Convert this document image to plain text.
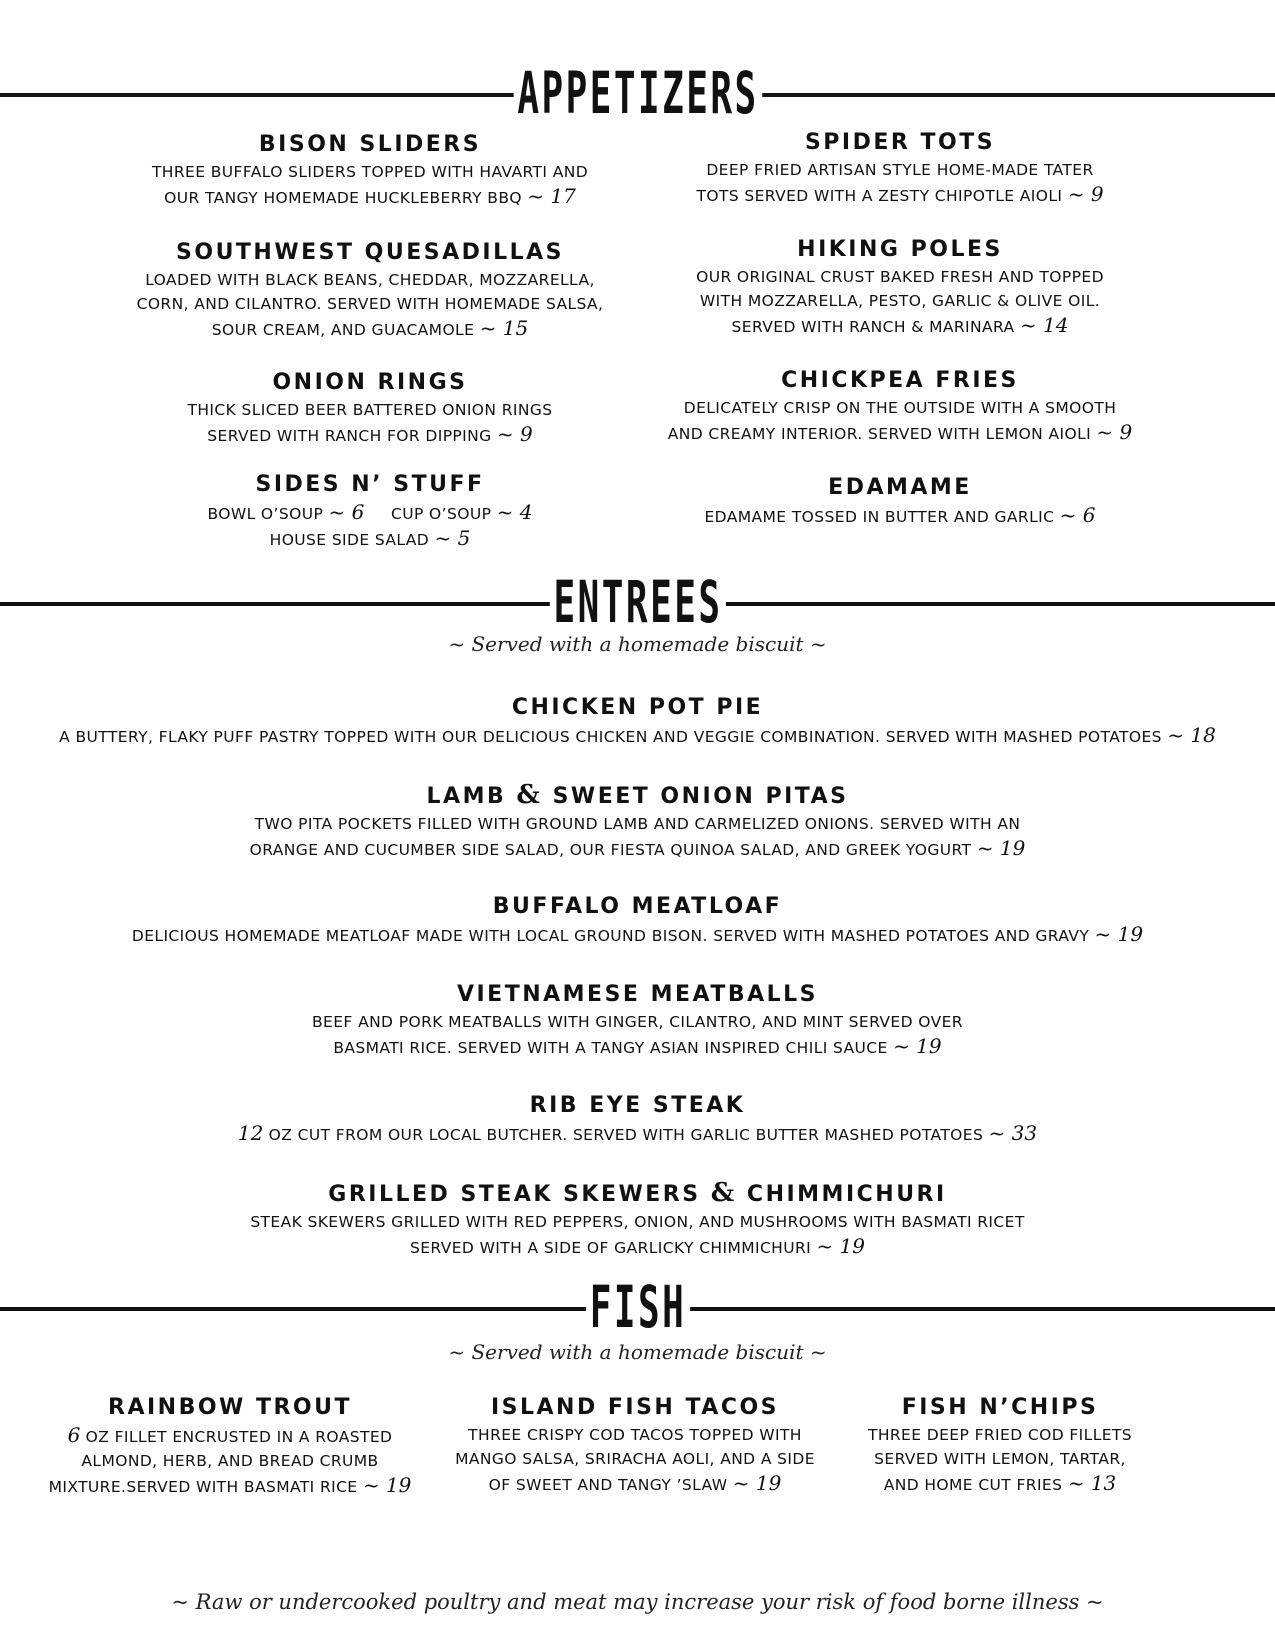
APPETIZERS
BISON SLIDERS
THREE BUFFALO SLIDERS TOPPED WITH HAVARTI AND
OUR TANGY HOMEMADE HUCKLEBERRY BBQ ~ 17
SPIDER TOTS
DEEP FRIED ARTISAN STYLE HOME-MADE TATER
TOTS SERVED WITH A ZESTY CHIPOTLE AIOLI ~ 9
SOUTHWEST QUESADILLAS
LOADED WITH BLACK BEANS, CHEDDAR, MOZZARELLA,
CORN, AND CILANTRO. SERVED WITH HOMEMADE SALSA,
SOUR CREAM, AND GUACAMOLE ~ 15
HIKING POLES
OUR ORIGINAL CRUST BAKED FRESH AND TOPPED
WITH MOZZARELLA, PESTO, GARLIC & OLIVE OIL.
SERVED WITH RANCH & MARINARA ~ 14
ONION RINGS
THICK SLICED BEER BATTERED ONION RINGS
SERVED WITH RANCH FOR DIPPING ~ 9
CHICKPEA FRIES
DELICATELY CRISP ON THE OUTSIDE WITH A SMOOTH
AND CREAMY INTERIOR. SERVED WITH LEMON AIOLI ~ 9
SIDES N’ STUFF
BOWL O’SOUP ~ 6 CUP O’SOUP ~ 4
HOUSE SIDE SALAD ~ 5
EDAMAME
EDAMAME TOSSED IN BUTTER AND GARLIC ~ 6
ENTREES
~ Served with a homemade biscuit ~
CHICKEN POT PIE
A BUTTERY, FLAKY PUFF PASTRY TOPPED WITH OUR DELICIOUS CHICKEN AND VEGGIE COMBINATION. SERVED WITH MASHED POTATOES ~ 18
LAMB & SWEET ONION PITAS
TWO PITA POCKETS FILLED WITH GROUND LAMB AND CARMELIZED ONIONS. SERVED WITH AN
ORANGE AND CUCUMBER SIDE SALAD, OUR FIESTA QUINOA SALAD, AND GREEK YOGURT ~ 19
BUFFALO MEATLOAF
DELICIOUS HOMEMADE MEATLOAF MADE WITH LOCAL GROUND BISON. SERVED WITH MASHED POTATOES AND GRAVY ~ 19
VIETNAMESE MEATBALLS
BEEF AND PORK MEATBALLS WITH GINGER, CILANTRO, AND MINT SERVED OVER
BASMATI RICE. SERVED WITH A TANGY ASIAN INSPIRED CHILI SAUCE ~ 19
RIB EYE STEAK
12 OZ CUT FROM OUR LOCAL BUTCHER. SERVED WITH GARLIC BUTTER MASHED POTATOES ~ 33
GRILLED STEAK SKEWERS & CHIMMICHURI
STEAK SKEWERS GRILLED WITH RED PEPPERS, ONION, AND MUSHROOMS WITH BASMATI RICET
SERVED WITH A SIDE OF GARLICKY CHIMMICHURI ~ 19
FISH
~ Served with a homemade biscuit ~
RAINBOW TROUT
6 OZ FILLET ENCRUSTED IN A ROASTED
ALMOND, HERB, AND BREAD CRUMB
MIXTURE.SERVED WITH BASMATI RICE ~ 19
ISLAND FISH TACOS
THREE CRISPY COD TACOS TOPPED WITH
MANGO SALSA, SRIRACHA AOLI, AND A SIDE
OF SWEET AND TANGY ’SLAW ~ 19
FISH N’CHIPS
THREE DEEP FRIED COD FILLETS
SERVED WITH LEMON, TARTAR,
AND HOME CUT FRIES ~ 13
~ Raw or undercooked poultry and meat may increase your risk of food borne illness ~
